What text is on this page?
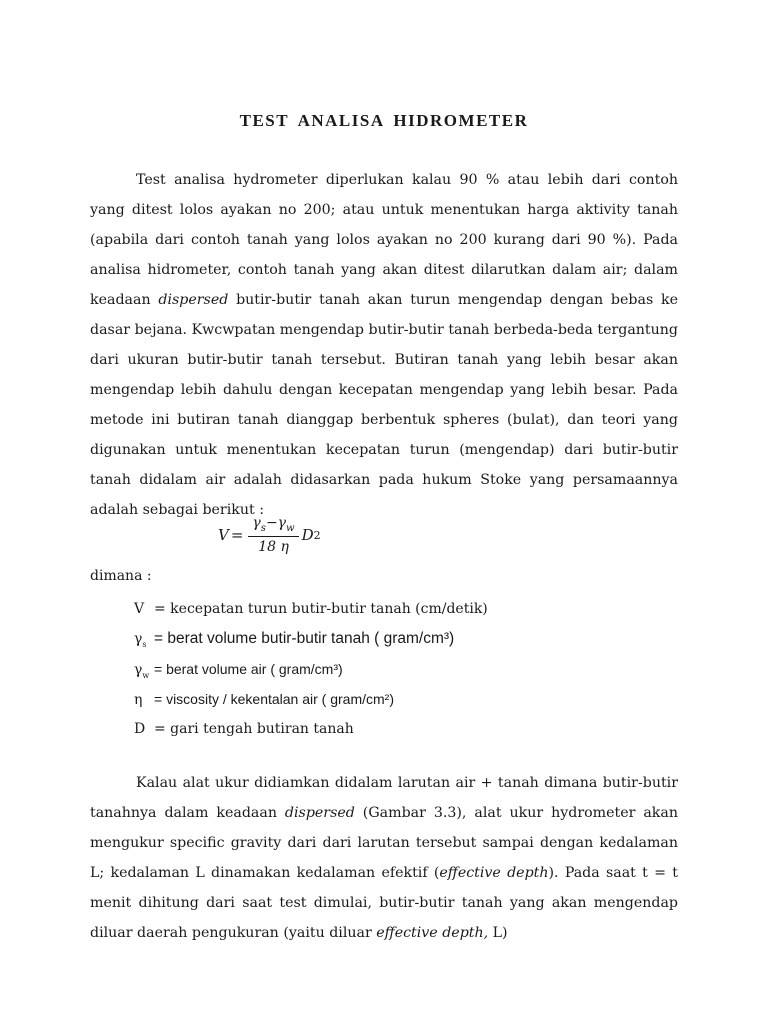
TEST ANALISA HIDROMETER

Test analisa hydrometer diperlukan kalau 90 % atau lebih dari contoh yang ditest lolos ayakan no 200; atau untuk menentukan harga aktivity tanah (apabila dari contoh tanah yang lolos ayakan no 200 kurang dari 90 %). Pada analisa hidrometer, contoh tanah yang akan ditest dilarutkan dalam air; dalam keadaan dispersed butir-butir tanah akan turun mengendap dengan bebas ke dasar bejana. Kwcwpatan mengendap butir-butir tanah berbeda-beda tergantung dari ukuran butir-butir tanah tersebut. Butiran tanah yang lebih besar akan mengendap lebih dahulu dengan kecepatan mengendap yang lebih besar. Pada metode ini butiran tanah dianggap berbentuk spheres (bulat), dan teori yang digunakan untuk menentukan kecepatan turun (mengendap) dari butir-butir tanah didalam air adalah didasarkan pada hukum Stoke yang persamaannya adalah sebagai berikut :

$V = \frac{\gamma_s-\gamma_w}{18 \eta}$ D 2
dimana :
V = kecepatan turun butir-butir tanah (cm/detik)
$\gamma_s$ = berat volume butir-butir tanah ( gram/cm³)
$\gamma_w$ = berat volume air ( gram/cm³)
η = viscosity / kekentalan air ( gram/cm²)
D = gari tengah butiran tanah

Kalau alat ukur didiamkan didalam larutan air + tanah dimana butir-butir tanahnya dalam keadaan dispersed (Gambar 3.3), alat ukur hydrometer akan mengukur specific gravity dari dari larutan tersebut sampai dengan kedalaman L; kedalaman L dinamakan kedalaman efektif (effective depth). Pada saat t = t menit dihitung dari saat test dimulai, butir-butir tanah yang akan mengendap diluar daerah pengukuran (yaitu diluar effective depth, L)
